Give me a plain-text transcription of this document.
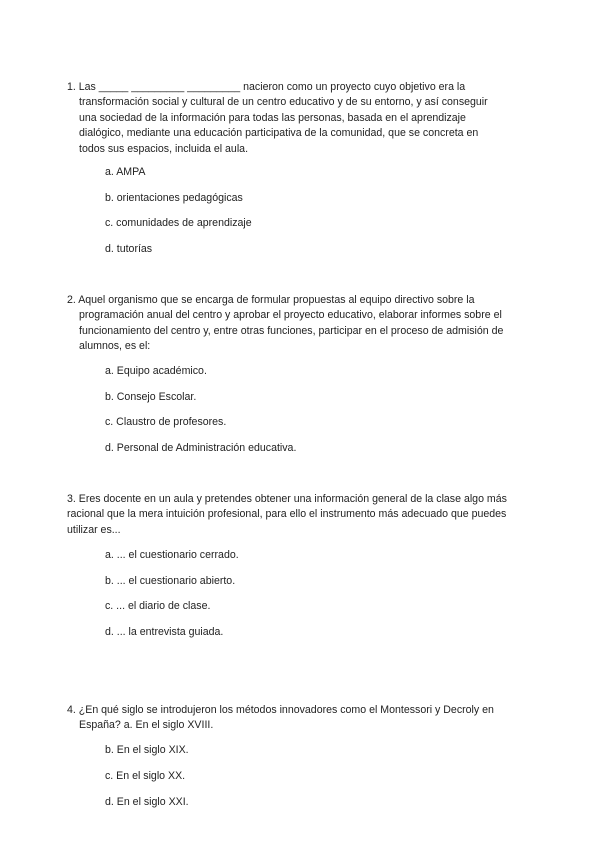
1. Las _____ _________ _________ nacieron como un proyecto cuyo objetivo era la transformación social y cultural de un centro educativo y de su entorno, y así conseguir una sociedad de la información para todas las personas, basada en el aprendizaje dialógico, mediante una educación participativa de la comunidad, que se concreta en todos sus espacios, incluida el aula.

a. AMPA
b. orientaciones pedagógicas
c. comunidades de aprendizaje
d. tutorías

2. Aquel organismo que se encarga de formular propuestas al equipo directivo sobre la programación anual del centro y aprobar el proyecto educativo, elaborar informes sobre el funcionamiento del centro y, entre otras funciones, participar en el proceso de admisión de alumnos, es el:

a. Equipo académico.
b. Consejo Escolar.
c. Claustro de profesores.
d. Personal de Administración educativa.

3. Eres docente en un aula y pretendes obtener una información general de la clase algo más racional que la mera intuición profesional, para ello el instrumento más adecuado que puedes utilizar es...

a. ... el cuestionario cerrado.
b. ... el cuestionario abierto.
c. ... el diario de clase.
d. ... la entrevista guiada.

4. ¿En qué siglo se introdujeron los métodos innovadores como el Montessori y Decroly en España? a. En el siglo XVIII.

b. En el siglo XIX.
c. En el siglo XX.
d. En el siglo XXI.
